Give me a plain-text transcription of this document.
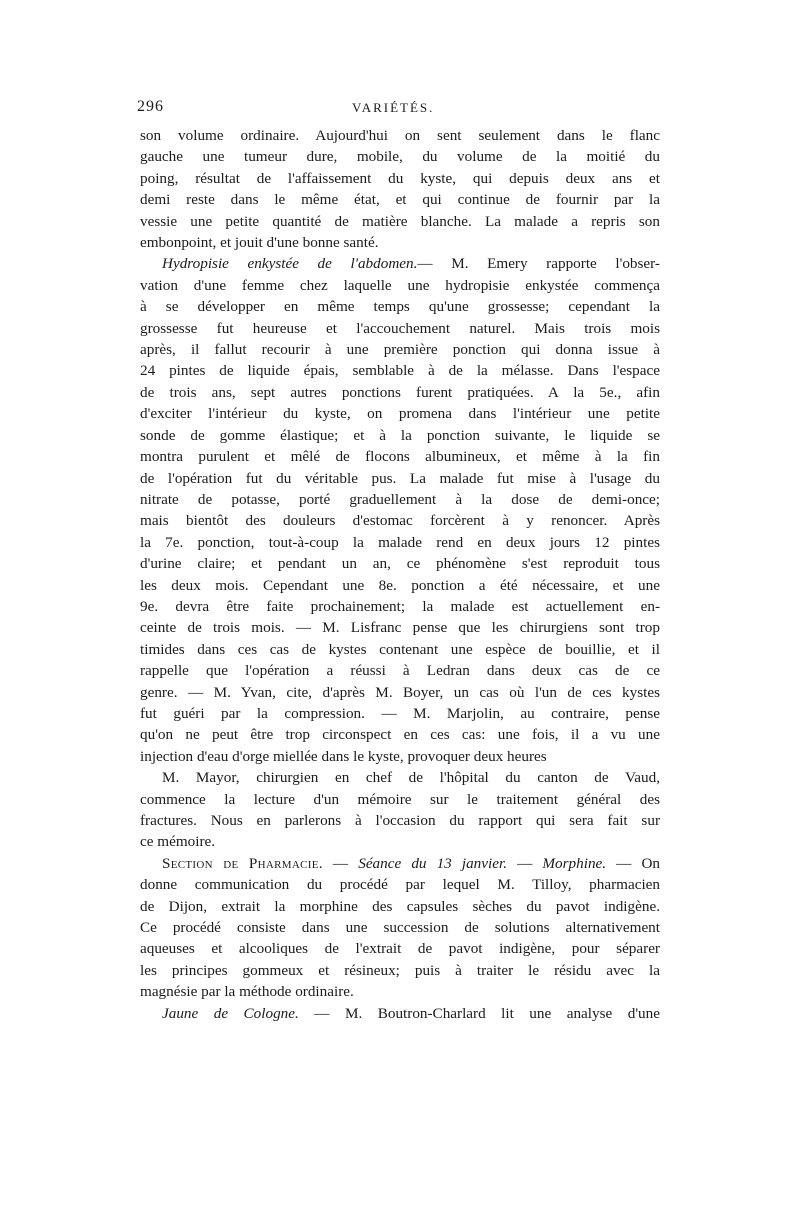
296	VARIÉTÉS.
son volume ordinaire. Aujourd'hui on sent seulement dans le flanc
gauche une tumeur dure, mobile, du volume de la moitié du
poing, résultat de l'affaissement du kyste, qui depuis deux ans et
demi reste dans le même état, et qui continue de fournir par la
vessie une petite quantité de matière blanche. La malade a repris son
embonpoint, et jouit d'une bonne santé.
Hydropisie enkystée de l'abdomen.— M. Emery rapporte l'obser-
vation d'une femme chez laquelle une hydropisie enkystée commença
à se développer en même temps qu'une grossesse; cependant la
grossesse fut heureuse et l'accouchement naturel. Mais trois mois
après, il fallut recourir à une première ponction qui donna issue à
24 pintes de liquide épais, semblable à de la mélasse. Dans l'espace
de trois ans, sept autres ponctions furent pratiquées. A la 5e., afin
d'exciter l'intérieur du kyste, on promena dans l'intérieur une petite
sonde de gomme élastique; et à la ponction suivante, le liquide se
montra purulent et mêlé de flocons albumineux, et même à la fin
de l'opération fut du véritable pus. La malade fut mise à l'usage du
nitrate de potasse, porté graduellement à la dose de demi-once;
mais bientôt des douleurs d'estomac forcèrent à y renoncer. Après
la 7e. ponction, tout-à-coup la malade rend en deux jours 12 pintes
d'urine claire; et pendant un an, ce phénomène s'est reproduit tous
les deux mois. Cependant une 8e. ponction a été nécessaire, et une
9e. devra être faite prochainement; la malade est actuellement en-
ceinte de trois mois. — M. Lisfranc pense que les chirurgiens sont trop
timides dans ces cas de kystes contenant une espèce de bouillie, et il
rappelle que l'opération a réussi à Ledran dans deux cas de ce
genre. — M. Yvan, cite, d'après M. Boyer, un cas où l'un de ces kystes
fut guéri par la compression. — M. Marjolin, au contraire, pense
qu'on ne peut être trop circonspect en ces cas: une fois, il a vu une
injection d'eau d'orge miellée dans le kyste, provoquer deux heures
M. Mayor, chirurgien en chef de l'hôpital du canton de Vaud,
commence la lecture d'un mémoire sur le traitement général des
fractures. Nous en parlerons à l'occasion du rapport qui sera fait sur
ce mémoire.
Section de Pharmacie. — Séance du 13 janvier. — Morphine. — On
donne communication du procédé par lequel M. Tilloy, pharmacien
de Dijon, extrait la morphine des capsules sèches du pavot indigène.
Ce procédé consiste dans une succession de solutions alternativement
aqueuses et alcooliques de l'extrait de pavot indigène, pour séparer
les principes gommeux et résineux; puis à traiter le résidu avec la
magnésie par la méthode ordinaire.
Jaune de Cologne. — M. Boutron-Charlard lit une analyse d'une
